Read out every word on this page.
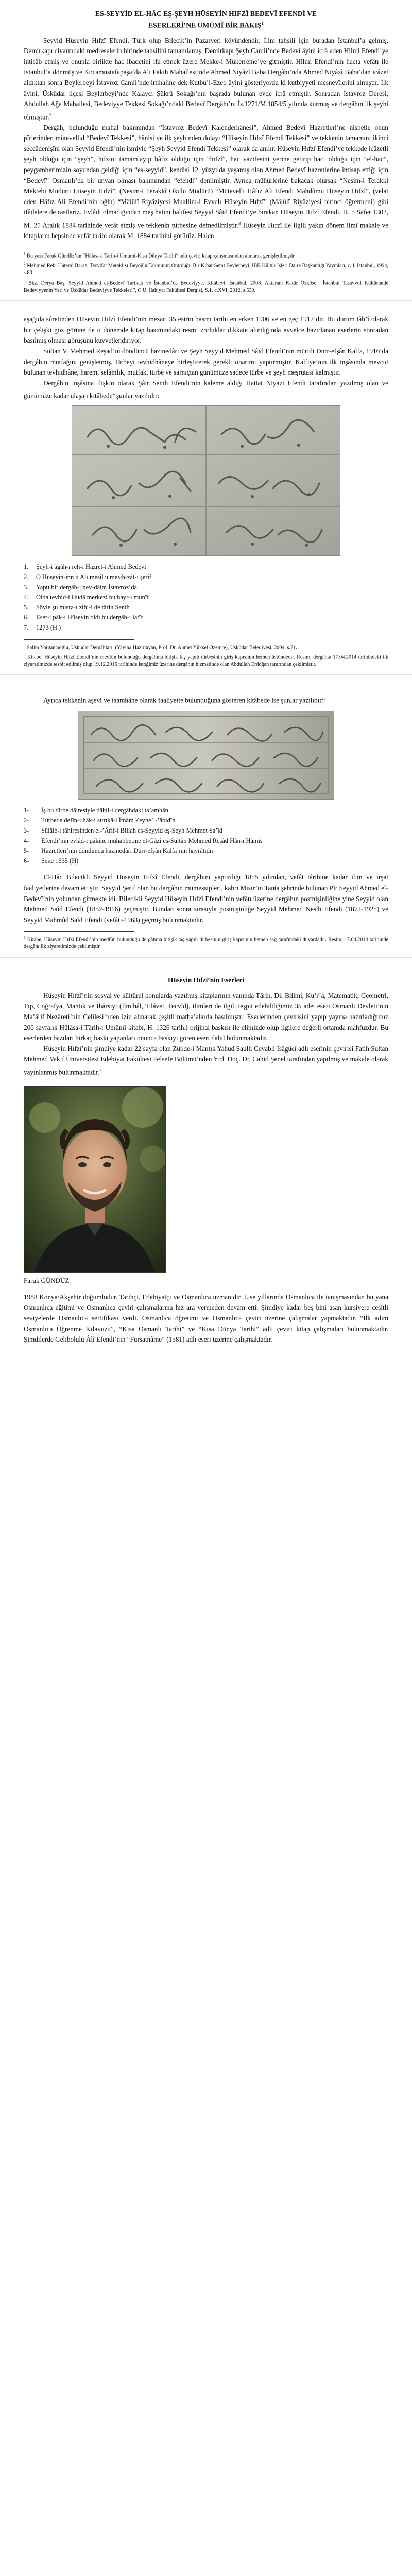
ES-SEYYİD EL-HÂC EŞ-ŞEYH HÜSEYİN HIFZÎ BEDEVÎ EFENDİ VE
ESERLERİ’NE UMÛMÎ BİR BAKIŞ$^1$

Seyyid Hüseyin Hıfzî Efendi, Türk olup Bilecik’in Pazaryeri köyündendir. İlim tahsili için buradan İstanbul’a gelmiş, Demirkapı civarındaki medreselerin birinde tahsilini tamamlamış, Demirkapı Şeyh Camii’nde Bedevî âyini icrâ eden Hilmi Efendi’ye intisâb etmiş ve onunla birlikte hac ibadetini ifa etmek üzere Mekke-i Mükerreme’ye gitmiştir. Hilmi Efendi’nin hacta vefâtı ile İstanbul’a dönmüş ve Kocamustafapaşa’da Ali Fakih Mahallesi’nde Ahmed Niyâzî Baba Dergâhı’nda Ahmed Niyâzî Baba’dan icâzet aldıktan sonra Beylerbeyi İstavroz Camii’nde irtihaline dek Kutbü’l-Ezeb âyini gösteriyordu ki kutbiyyeti mesnevîlerini almıştır. İlk âyini, Üsküdar ilçesi Beylerbeyi’nde Kalaycı Şükrü Sokağı’nın başında bulunan evde icrâ etmiştir. Sonradan İstavroz Deresi, Abdullah Ağa Mahallesi, Bedeviyye Tekkesi Sokağı’ndaki Bedevî Dergâhı’nı İs.1271/M.1854/5 yılında kurmuş ve dergâhın ilk şeyhi olmuştur.$^2$

Dergâh, bulunduğu mahal bakımından “İstavroz Bedevî Kalenderhânesi”, Ahmed Bedevî Hazretleri’ne nispetle onun pîrlerinden mütevellid “Bedevî Tekkesi”, hânisi ve ilk şeyhinden dolayı “Hüseyin Hıfzî Efendi Tekkesi” ve tekkenin tamamını ikinci seccâdenişîni olan Seyyid Efendi’nin ismiyle “Şeyh Seyyid Efendi Tekkesi” olarak da anılır. Hüseyin Hıfzî Efendi’ye tekkede icâzetli şeyh olduğu için “şeyh”, hıfzını tamamlayıp hâfız olduğu için “hıfzî”, hac vazifesini yerine getirip hacı olduğu için “el-hac”, peygamberimizin soyundan geldiği için “es-seyyid”, kendisi 12. yüzyılda yaşamış olan Ahmed Bedevî hazretlerine intisap ettiği için “Bedevî” Osmanlı’da bir unvan olması bakımından “efendi” denilmiştir. Ayrıca mühürlerine bakacak olursak “Nesim-i Terakki Mektebi Müdürü Hüseyin Hıfzî”, (Nesim-i Terakkî Okulu Müdürü) “Mütevelli Hâfız Ali Efendi Mahdûmu Hüseyin Hıfzî”, (velat eden Hâfız Ali Efendi’nin oğlu) “Mâlülî Riyâziyesi Muallim-i Evvelı Hüseyin Hıfzî” (Mâlûlî Riyâziyesi birinci öğretmeni) gibi ifâdelere de rastlarız. Evlâdı olmadığından meşihatını halifesi Seyyid Sâid Efendi’ye bırakan Hüseyin Hıfzî Efendi, H. 5 Safer 1302, M. 25 Aralık 1884 tarihinde vefât etmiş ve tekkenin türbesine defnedilmiştir.$^3$ Hüseyin Hıfzî ile ilgili yakın dönem ilmî makale ve kitapların hepsinde vefât tarihi olarak M. 1884 tarihini görürüz. Halen

$^1$ Bu yazı Faruk Gündüz’ün “Hülasa-i Tarih-i Umumi-Kısa Dünya Tarihi” adlı çeviri kitap çalışmasından alınarak genişletilmiştir.

$^2$ Mehmed Rebi Hâtemi Baraz, Tezyifat Meraklısı Beyoğlu Takmınım Oturduğu Bir Kibar Semt Beylerbeyi, İBB Kültür İşleri Daire Başkanlığı Yayınları, c. I, İstanbul, 1994, s.80.

$^3$ Bkz. Derya Baş, Seyyid Ahmed el-Bedevî Tarikatı ve İstanbul’da Bedeviyye, Kitabevi, İstanbul, 2008. Aktaran: Kadir Özköse, “İstanbul Tasavvuf Kültüründe Bedeviyyenin Yeri ve Üsküdar Bedeviyye Tekkeleri”, C.Ü. İlahiyat Fakültesi Dergisi, S.1, c.XVI, 2012, s.530.

aşağıda sûretinden Hüseyin Hıfzî Efendi’nin mezarı 35 esirin basmı tarihi en erken 1906 ve en geç 1912’dir. Bu durum tâh’î olarak bir çelişki göz görüne de o dönemde kitap basımındaki resmi zorluklar dikkate alındığında evvelce hazırlanan eserlerin sonradan basılmış olması görüşünü kuvvetlendiriyor.

Sultan V. Mehmed Reşad’ın döndüncü hazinedârı ve Şeyh Seyyid Mehmed Sâid Efendi’nin müridi Dürr-efşân Kalfa, 1916’da dergâhın mutfağını genişletmiş, türbeyi tevhidhâneye birleştirerek gereklı onarımı yaptırmıştır. Kalfiye’nin ilk inşâsında mevcut bulunan tevhidhâne, harem, selâmlık, mutfak, türbe ve sarnıçtan günümüze sadece türbe ve şeyh meşrutası kalmıştır.

Dergâhın inşâsına ilişkin olarak Şâir Senih Efendi’nin kaleme aldığı Hattat Niyazi Efendi tarafından yazılmış olan ve günümüze kadar ulaşan kitâbede$^4$ şunlar yazılıdır:

1.	Şeyh-i âgâh-ı reh-i Hazret-i Ahmed Bedevî
2.	O Hüseyin-inn ü Ali mesîl ü mesih-zât-ı şerîf
3.	Yaptı bir dergâh-ı nev-dâim İstavroz’da
4.	Olda tevhid-i Hudâ merkezi bu hayr-ı münîf
5.	Söyle şu mısra-ı zihi-i de târih Senîh
6.	Eser-i pâk-ı Hüseyin oldı bu dergâh-ı latîf
7.	1273 (H.)

$^4$ Salim Yorgancıoğlu, Üsküdar Dergâhları, (Yayına Hazırlayan, Prof. Dr. Ahmet Yüksel Özemre), Üsküdar Belediyesi, 2004, s.71.

$^5$ Kitabe, Hüseyin Hıfzî Efendi’nin medfûn bulunduğu dergâhına bitişik faş yapılı türbesinin giriş kapısının hemen üstündedir. Resim, dergâhta 17.04.2014 tarihindeki ilk ziyaretimizde tesbit edilmiş olup 19.12.2016 tarihinde istoğimiz üzerine dergâhın hizmetinde olan Abdullah Erdoğan tarafından çekilmiştir.

Ayrıca tekkenin aşevi ve taamhâne olarak faaliyette bulunduğuna gösteren kitâbede ise şunlar yazılıdır:$^6$

1-	İş bu türbe dâiresiyle dâhil-i dergâhdaki ta’amhân
2-	Türbede defîn-i hâk-i sıtrıkâ-i İmâm Zeyne’l-’âbidîn
3-	Sülâle-i tâhiresinden el-’Ârif-i Billah es-Seyyid eş-Şeyh Mehmet Sa’îd
4-	Efendi’nin evlâd-ı pâkine muhabbetine el-Gâzî es-Sultân Mehmed Reşâd Hân-ı Hâmis
5-	Hazretleri’nin döndüncü hazinedârı Dürr-efşân Kalfa’nın hayrâtıdır.
6-	Sene 1335 (H)

El-Hâc Bilecikli Seyyid Hüseyin Hıfzî Efendi, dergâhını yaptırdığı 1855 yılından, vefât târibine kadar ilim ve irşat faaliyetlerine devam ettiştir. Seyyid Şerif olan bu dergâhın mümessipleri, kabri Mısır’ın Tanta şehrinde bulunan Pîr Seyyid Ahmed el-Bedevî’nin yolundan gitmekte idi. Bilecikli Seyyid Hüseyin Hıfzî Efendi’nin vefâtı üzerine dergâhın postnişinliğine yine Seyyid olan Mehmed Saîd Efendi (1852-1916) geçmiştir. Bundan sonra sırasıyla postnişinliğe Seyyid Mehmed Nesîb Efendi (1872-1925) ve Seyyid Mahmûd Saîd Efendi (vefâtı-1963) geçmiş bulunmaktadır.

$^6$ Kitabe, Hüseyin Hıfzî Efendi’nin medfûn bulunduğu dergâhına bitişik taş yapılı türbesinin giriş kapısının hemen sağ tarafındaki duvardadır. Resim, 17.04.2014 tarihinde dergâhı ilk ziyaretimizde çekilmiştir.

Hüseyin Hıfzî’nin Eserleri

Hüseyin Hıfzî’nin sosyal ve kültürel konularda yazılmış kitaplarının yanında Târih, Dil Bilimi, Ku’r’a, Matematik, Geometri, Tıp, Coğrafya, Mantık ve İhârsiyt (İlmihâl, Tilâvet, Tecvîd), ilimleri de ilgili teşpit edebildiğimiz 35 adet eseri Osmanlı Devleti’nin Ma’ârif Nezâreti’nin Celilesi’nden izin alınarak çeşitli matba’alarda basılmıştır. Eserlerinden çevirisini yapıp yayına hazırladığımız 200 sayfalık Hülâsa-i Târih-i Umûmî kitabı, H. 1326 tarihli orijinal baskısı ile elimizde olup ilgilere değerli ortamda mahfuzdur. Bu eserlerden bazıları birkaç baskı yapanları onunca baskıyı gören eseri dahil bulunmaktadır.

Hüseyin Hıfzî’nin şimdiye kadar 22 sayfa olan Zübde-i Mantık Yahud Saulli Cevabli İsâgûcî adlı eserinin çevirisi Fatih Sultan Mehmed Vakıf Üniversitesi Edebiyat Fakültesi Felsefe Bölümü’nden Yrd. Doç. Dr. Cahid Şenel tarafından yapılmış ve makale olarak yayınlanmış bulunmaktadır.$^7$

Faruk GÜNDÜZ

1988 Konya/Akşehir doğumludur. Tarihçi, Edebiyatçı ve Osmanlıca uzmanıdır. Lise yıllarında Osmanlıca ile tanışmasından bu yana Osmanlıca eğitimi ve Osmanlıca çeviri çalışmalarına hız ara vermeden devam etti. Şimdiye kadar beş bini aşan kursiyere çeşitli seviyelerde Osmanlıca sertifikası verdi. Osmanlıca öğretimi ve Osmanlıca çeviri üzerine çalışmalar yapmaktadır. “İlk adım Osmanlıca Öğrenme Kılavuzu”, “Kısa Osmanlı Tarihi” ve “Kısa Dünya Tarihi” adlı çeviri kitap çalışmaları bulunmaktadır. Şimdilerde Gelibolulu Âlî Efendi’nin “Fursatnâme” (1581) adlı eseri üzerine çalışmaktadır.
